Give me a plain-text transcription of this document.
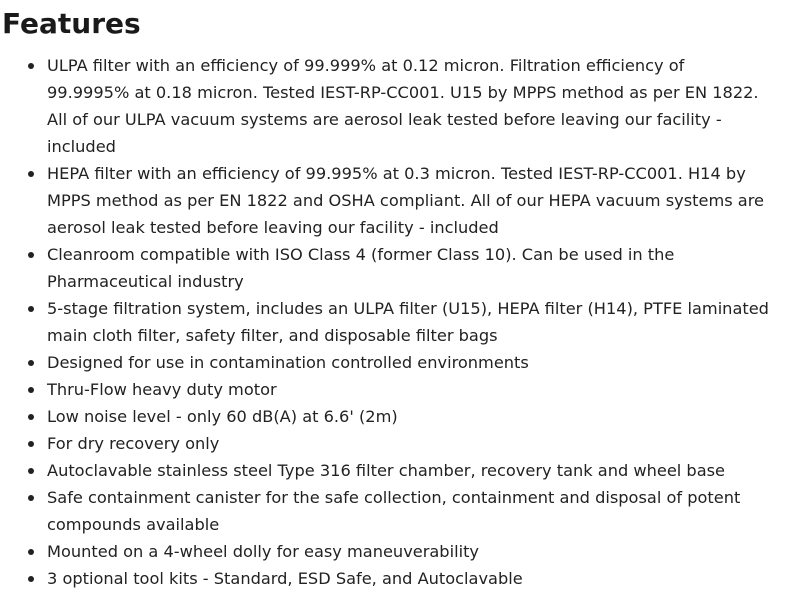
Features
ULPA filter with an efficiency of 99.999% at 0.12 micron. Filtration efficiency of 99.9995% at 0.18 micron. Tested IEST-RP-CC001. U15 by MPPS method as per EN 1822. All of our ULPA vacuum systems are aerosol leak tested before leaving our facility - included
HEPA filter with an efficiency of 99.995% at 0.3 micron. Tested IEST-RP-CC001. H14 by MPPS method as per EN 1822 and OSHA compliant. All of our HEPA vacuum systems are aerosol leak tested before leaving our facility - included
Cleanroom compatible with ISO Class 4 (former Class 10). Can be used in the Pharmaceutical industry
5-stage filtration system, includes an ULPA filter (U15), HEPA filter (H14), PTFE laminated main cloth filter, safety filter, and disposable filter bags
Designed for use in contamination controlled environments
Thru-Flow heavy duty motor
Low noise level - only 60 dB(A) at 6.6' (2m)
For dry recovery only
Autoclavable stainless steel Type 316 filter chamber, recovery tank and wheel base
Safe containment canister for the safe collection, containment and disposal of potent compounds available
Mounted on a 4-wheel dolly for easy maneuverability
3 optional tool kits - Standard, ESD Safe, and Autoclavable
